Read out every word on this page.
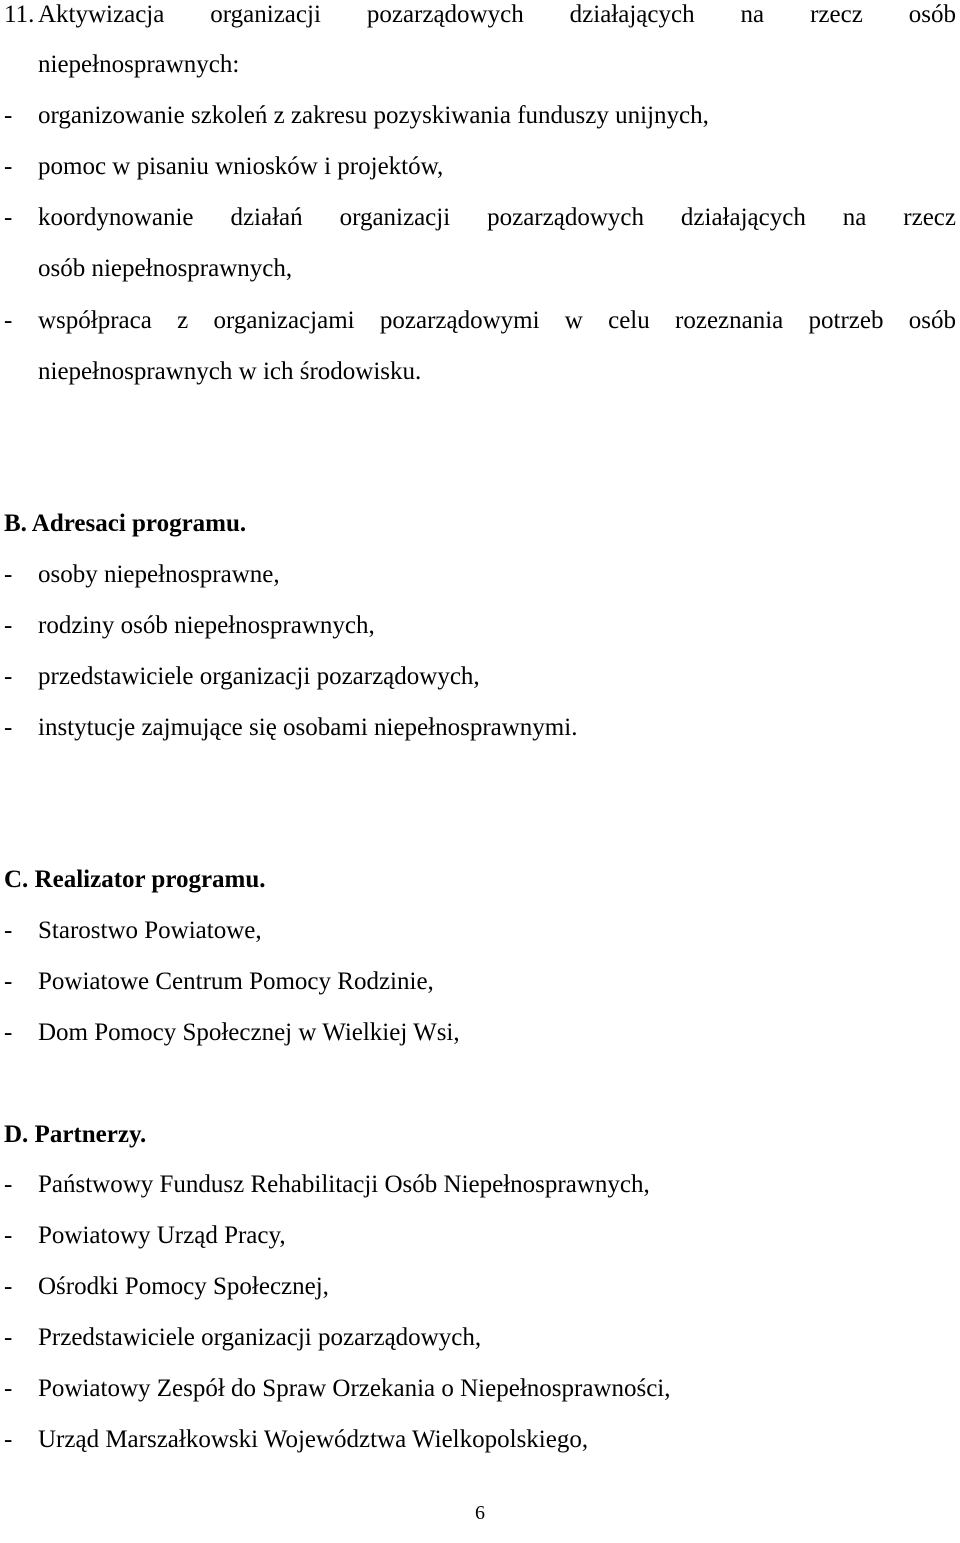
11. Aktywizacja organizacji pozarządowych działających na rzecz osób
niepełnosprawnych:
- organizowanie szkoleń z zakresu pozyskiwania funduszy unijnych,
- pomoc w pisaniu wniosków i projektów,
- koordynowanie działań organizacji pozarządowych działających na rzecz
osób niepełnosprawnych,
- współpraca z organizacjami pozarządowymi w celu rozeznania potrzeb osób
niepełnosprawnych w ich środowisku.
B. Adresaci programu.
- osoby niepełnosprawne,
- rodziny osób niepełnosprawnych,
- przedstawiciele organizacji pozarządowych,
- instytucje zajmujące się osobami niepełnosprawnymi.
C. Realizator programu.
- Starostwo Powiatowe,
- Powiatowe Centrum Pomocy Rodzinie,
- Dom Pomocy Społecznej w Wielkiej Wsi,
D. Partnerzy.
- Państwowy Fundusz Rehabilitacji Osób Niepełnosprawnych,
- Powiatowy Urząd Pracy,
- Ośrodki Pomocy Społecznej,
- Przedstawiciele organizacji pozarządowych,
- Powiatowy Zespół do Spraw Orzekania o Niepełnosprawności,
- Urząd Marszałkowski Województwa Wielkopolskiego,
6
